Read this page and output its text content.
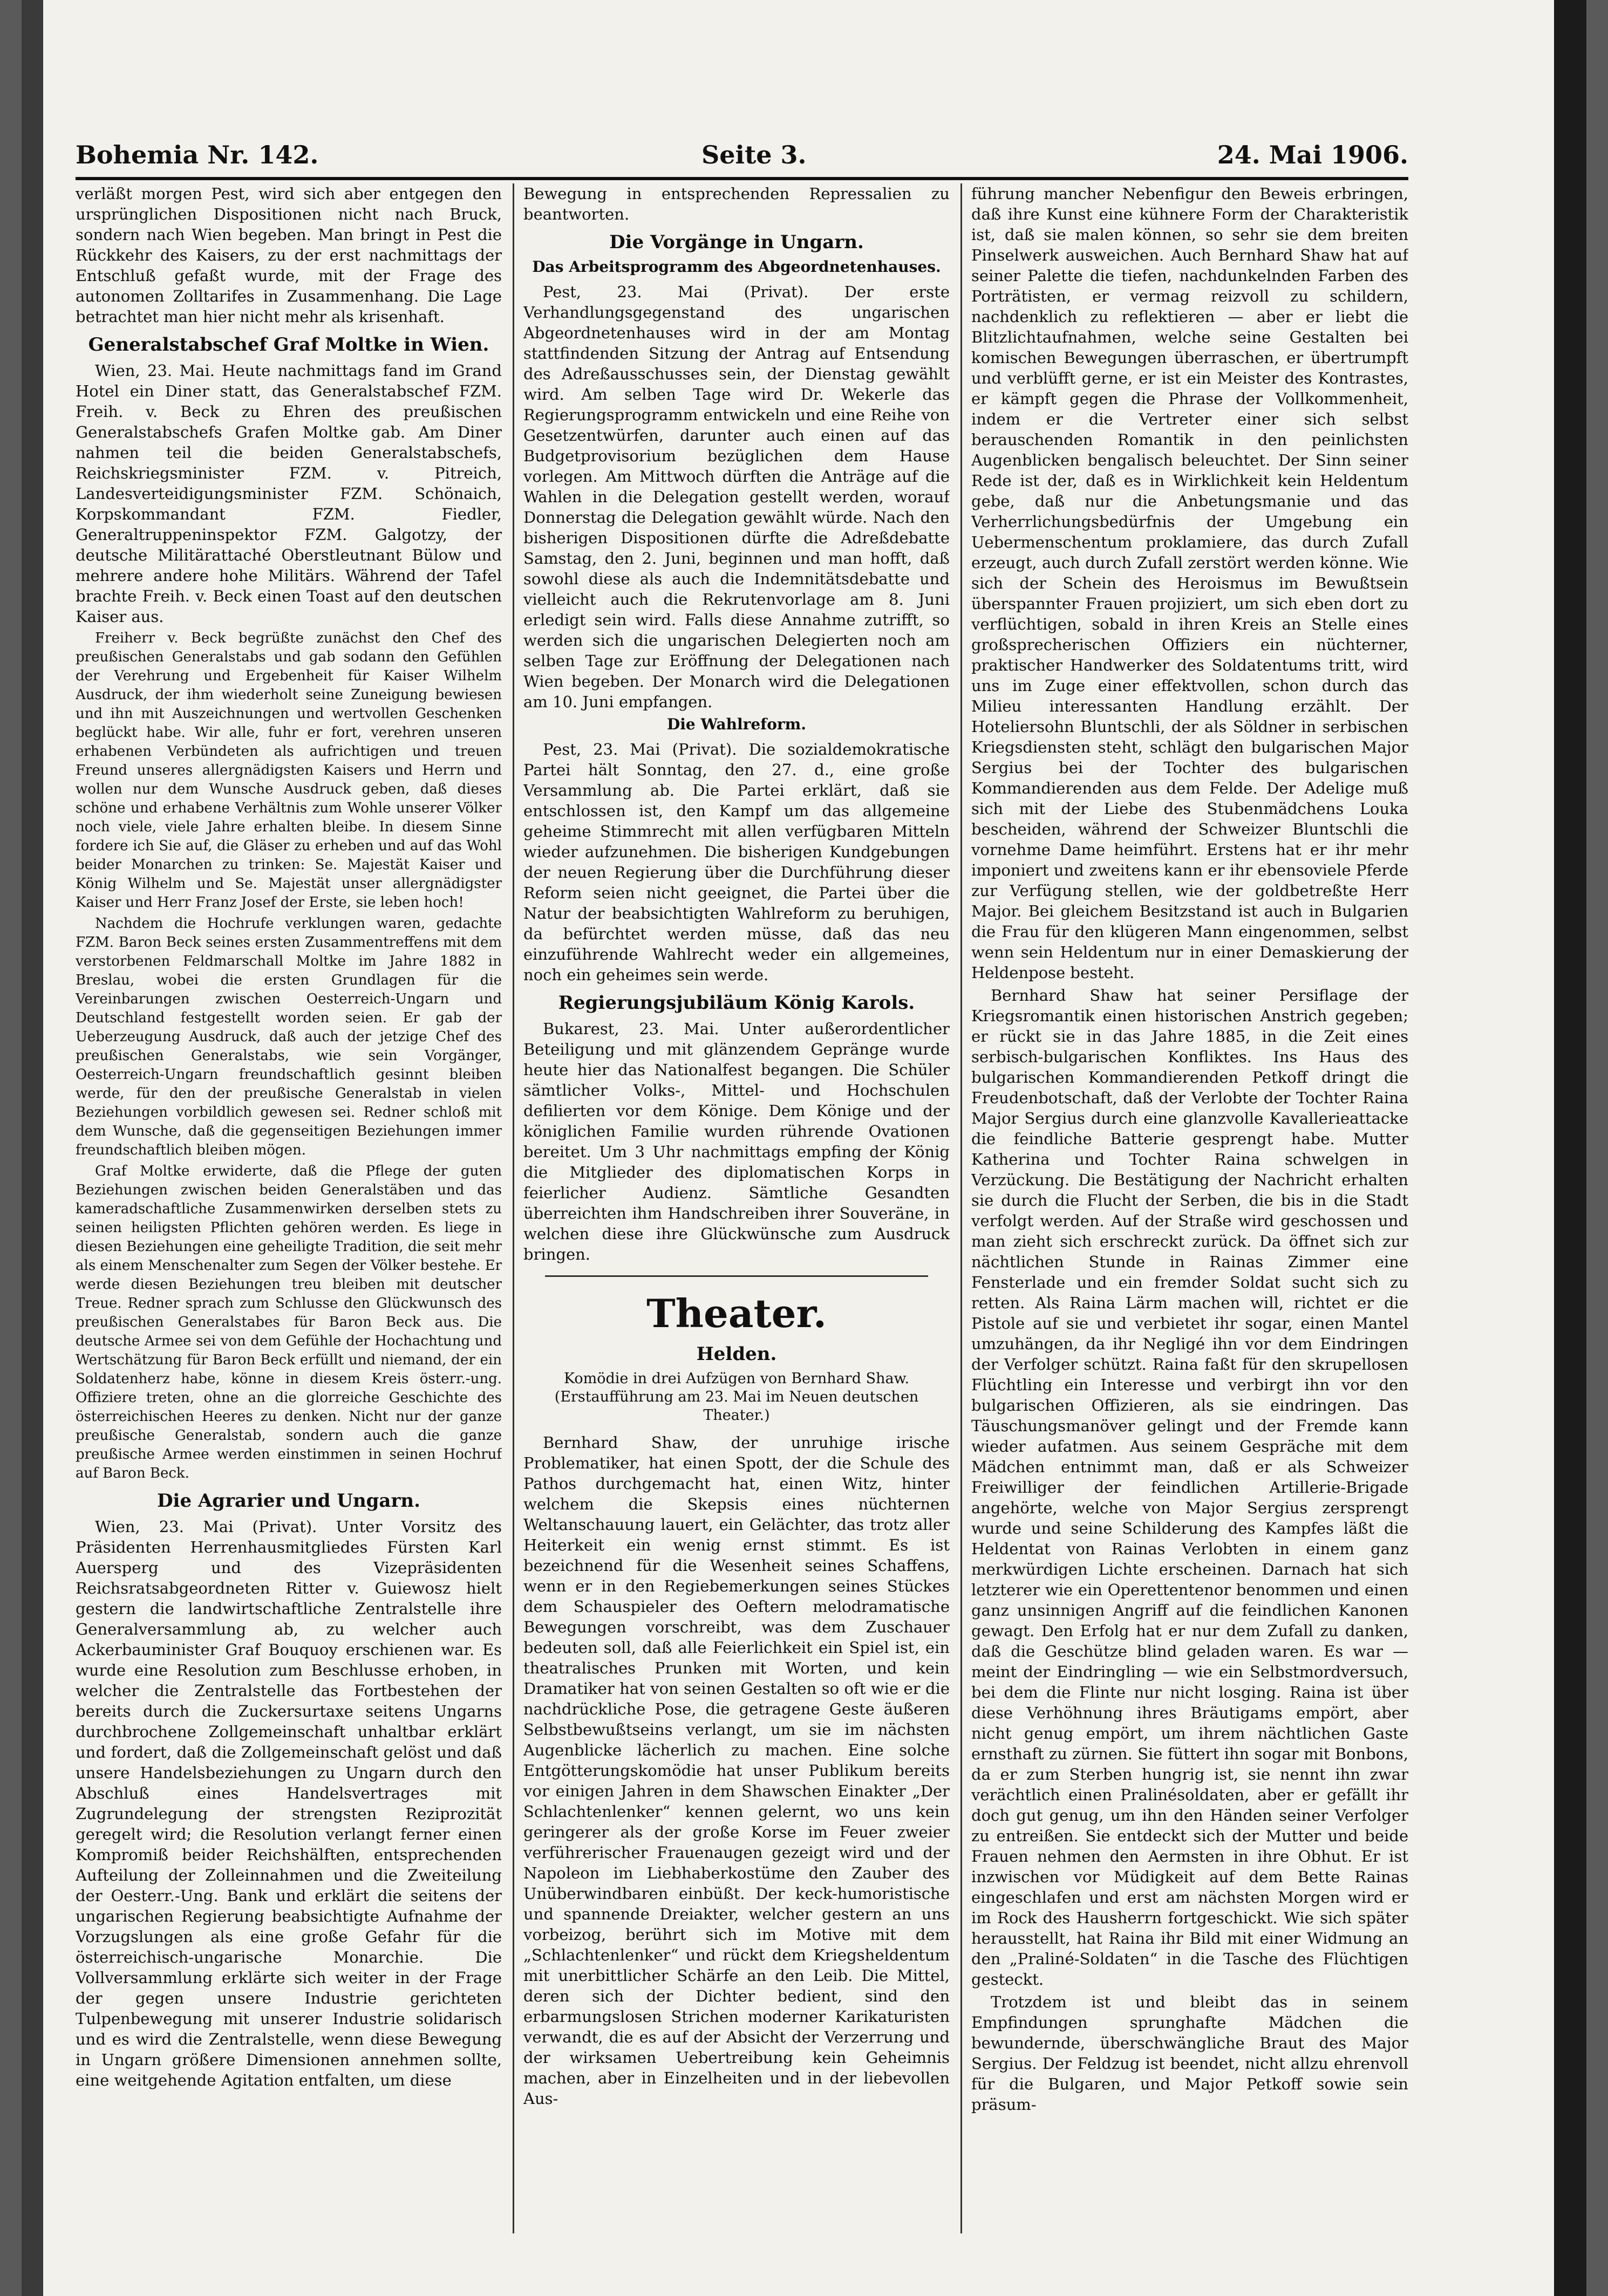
Bohemia Nr. 142.	Seite 3.	24. Mai 1906.

verläßt morgen Pest, wird sich aber entgegen den ursprünglichen Dispositionen nicht nach Bruck, sondern nach Wien begeben. Man bringt in Pest die Rückkehr des Kaisers, zu der erst nachmittags der Entschluß gefaßt wurde, mit der Frage des autonomen Zolltarifes in Zusammenhang. Die Lage betrachtet man hier nicht mehr als krisenhaft.

Generalstabschef Graf Moltke in Wien.

Wien, 23. Mai. Heute nachmittags fand im Grand Hotel ein Diner statt, das Generalstabschef FZM. Freih. v. Beck zu Ehren des preußischen Generalstabschefs Grafen Moltke gab. Am Diner nahmen teil die beiden Generalstabschefs, Reichskriegsminister FZM. v. Pitreich, Landesverteidigungsminister FZM. Schönaich, Korpskommandant FZM. Fiedler, Generaltruppeninspektor FZM. Galgotzy, der deutsche Militärattaché Oberstleutnant Bülow und mehrere andere hohe Militärs. Während der Tafel brachte Freih. v. Beck einen Toast auf den deutschen Kaiser aus.

Freiherr v. Beck begrüßte zunächst den Chef des preußischen Generalstabs und gab sodann den Gefühlen der Verehrung und Ergebenheit für Kaiser Wilhelm Ausdruck, der ihm wiederholt seine Zuneigung bewiesen und ihn mit Auszeichnungen und wertvollen Geschenken beglückt habe. Wir alle, fuhr er fort, verehren unseren erhabenen Verbündeten als aufrichtigen und treuen Freund unseres allergnädigsten Kaisers und Herrn und wollen nur dem Wunsche Ausdruck geben, daß dieses schöne und erhabene Verhältnis zum Wohle unserer Völker noch viele, viele Jahre erhalten bleibe. In diesem Sinne fordere ich Sie auf, die Gläser zu erheben und auf das Wohl beider Monarchen zu trinken: Se. Majestät Kaiser und König Wilhelm und Se. Majestät unser allergnädigster Kaiser und Herr Franz Josef der Erste, sie leben hoch!

Nachdem die Hochrufe verklungen waren, gedachte FZM. Baron Beck seines ersten Zusammentreffens mit dem verstorbenen Feldmarschall Moltke im Jahre 1882 in Breslau, wobei die ersten Grundlagen für die Vereinbarungen zwischen Oesterreich-Ungarn und Deutschland festgestellt worden seien. Er gab der Ueberzeugung Ausdruck, daß auch der jetzige Chef des preußischen Generalstabs, wie sein Vorgänger, Oesterreich-Ungarn freundschaftlich gesinnt bleiben werde, für den der preußische Generalstab in vielen Beziehungen vorbildlich gewesen sei. Redner schloß mit dem Wunsche, daß die gegenseitigen Beziehungen immer freundschaftlich bleiben mögen.

Graf Moltke erwiderte, daß die Pflege der guten Beziehungen zwischen beiden Generalstäben und das kameradschaftliche Zusammenwirken derselben stets zu seinen heiligsten Pflichten gehören werden. Es liege in diesen Beziehungen eine geheiligte Tradition, die seit mehr als einem Menschenalter zum Segen der Völker bestehe. Er werde diesen Beziehungen treu bleiben mit deutscher Treue. Redner sprach zum Schlusse den Glückwunsch des preußischen Generalstabes für Baron Beck aus. Die deutsche Armee sei von dem Gefühle der Hochachtung und Wertschätzung für Baron Beck erfüllt und niemand, der ein Soldatenherz habe, könne in diesem Kreis österr.-ung. Offiziere treten, ohne an die glorreiche Geschichte des österreichischen Heeres zu denken. Nicht nur der ganze preußische Generalstab, sondern auch die ganze preußische Armee werden einstimmen in seinen Hochruf auf Baron Beck.

Die Agrarier und Ungarn.

Wien, 23. Mai (Privat). Unter Vorsitz des Präsidenten Herrenhausmitgliedes Fürsten Karl Auersperg und des Vizepräsidenten Reichsratsabgeordneten Ritter v. Guiewosz hielt gestern die landwirtschaftliche Zentralstelle ihre Generalversammlung ab, zu welcher auch Ackerbauminister Graf Bouquoy erschienen war. Es wurde eine Resolution zum Beschlusse erhoben, in welcher die Zentralstelle das Fortbestehen der bereits durch die Zuckersurtaxe seitens Ungarns durchbrochene Zollgemeinschaft unhaltbar erklärt und fordert, daß die Zollgemeinschaft gelöst und daß unsere Handelsbeziehungen zu Ungarn durch den Abschluß eines Handelsvertrages mit Zugrundelegung der strengsten Reziprozität geregelt wird; die Resolution verlangt ferner einen Kompromiß beider Reichshälften, entsprechenden Aufteilung der Zolleinnahmen und die Zweiteilung der Oesterr.-Ung. Bank und erklärt die seitens der ungarischen Regierung beabsichtigte Aufnahme der Vorzugslungen als eine große Gefahr für die österreichisch-ungarische Monarchie. Die Vollversammlung erklärte sich weiter in der Frage der gegen unsere Industrie gerichteten Tulpenbewegung mit unserer Industrie solidarisch und es wird die Zentralstelle, wenn diese Bewegung in Ungarn größere Dimensionen annehmen sollte, eine weitgehende Agitation entfalten, um diese

Bewegung in entsprechenden Repressalien zu beantworten.

Die Vorgänge in Ungarn.
Das Arbeitsprogramm des Abgeordnetenhauses.

Pest, 23. Mai (Privat). Der erste Verhandlungsgegenstand des ungarischen Abgeordnetenhauses wird in der am Montag stattfindenden Sitzung der Antrag auf Entsendung des Adreßausschusses sein, der Dienstag gewählt wird. Am selben Tage wird Dr. Wekerle das Regierungsprogramm entwickeln und eine Reihe von Gesetzentwürfen, darunter auch einen auf das Budgetprovisorium bezüglichen dem Hause vorlegen. Am Mittwoch dürften die Anträge auf die Wahlen in die Delegation gestellt werden, worauf Donnerstag die Delegation gewählt würde. Nach den bisherigen Dispositionen dürfte die Adreßdebatte Samstag, den 2. Juni, beginnen und man hofft, daß sowohl diese als auch die Indemnitätsdebatte und vielleicht auch die Rekrutenvorlage am 8. Juni erledigt sein wird. Falls diese Annahme zutrifft, so werden sich die ungarischen Delegierten noch am selben Tage zur Eröffnung der Delegationen nach Wien begeben. Der Monarch wird die Delegationen am 10. Juni empfangen.

Die Wahlreform.

Pest, 23. Mai (Privat). Die sozialdemokratische Partei hält Sonntag, den 27. d., eine große Versammlung ab. Die Partei erklärt, daß sie entschlossen ist, den Kampf um das allgemeine geheime Stimmrecht mit allen verfügbaren Mitteln wieder aufzunehmen. Die bisherigen Kundgebungen der neuen Regierung über die Durchführung dieser Reform seien nicht geeignet, die Partei über die Natur der beabsichtigten Wahlreform zu beruhigen, da befürchtet werden müsse, daß das neu einzuführende Wahlrecht weder ein allgemeines, noch ein geheimes sein werde.

Regierungsjubiläum König Karols.

Bukarest, 23. Mai. Unter außerordentlicher Beteiligung und mit glänzendem Gepränge wurde heute hier das Nationalfest begangen. Die Schüler sämtlicher Volks-, Mittel- und Hochschulen defilierten vor dem Könige. Dem Könige und der königlichen Familie wurden rührende Ovationen bereitet. Um 3 Uhr nachmittags empfing der König die Mitglieder des diplomatischen Korps in feierlicher Audienz. Sämtliche Gesandten überreichten ihm Handschreiben ihrer Souveräne, in welchen diese ihre Glückwünsche zum Ausdruck bringen.

Theater.
Helden.
Komödie in drei Aufzügen von Bernhard Shaw. (Erstaufführung am 23. Mai im Neuen deutschen Theater.)

Bernhard Shaw, der unruhige irische Problematiker, hat einen Spott, der die Schule des Pathos durchgemacht hat, einen Witz, hinter welchem die Skepsis eines nüchternen Weltanschauung lauert, ein Gelächter, das trotz aller Heiterkeit ein wenig ernst stimmt. Es ist bezeichnend für die Wesenheit seines Schaffens, wenn er in den Regiebemerkungen seines Stückes dem Schauspieler des Oeftern melodramatische Bewegungen vorschreibt, was dem Zuschauer bedeuten soll, daß alle Feierlichkeit ein Spiel ist, ein theatralisches Prunken mit Worten, und kein Dramatiker hat von seinen Gestalten so oft wie er die nachdrückliche Pose, die getragene Geste äußeren Selbstbewußtseins verlangt, um sie im nächsten Augenblicke lächerlich zu machen. Eine solche Entgötterungskomödie hat unser Publikum bereits vor einigen Jahren in dem Shawschen Einakter „Der Schlachtenlenker“ kennen gelernt, wo uns kein geringerer als der große Korse im Feuer zweier verführerischer Frauenaugen gezeigt wird und der Napoleon im Liebhaberkostüme den Zauber des Unüberwindbaren einbüßt. Der keck-humoristische und spannende Dreiakter, welcher gestern an uns vorbeizog, berührt sich im Motive mit dem „Schlachtenlenker“ und rückt dem Kriegsheldentum mit unerbittlicher Schärfe an den Leib. Die Mittel, deren sich der Dichter bedient, sind den erbarmungslosen Strichen moderner Karikaturisten verwandt, die es auf der Absicht der Verzerrung und der wirksamen Uebertreibung kein Geheimnis machen, aber in Einzelheiten und in der liebevollen Aus-

führung mancher Nebenfigur den Beweis erbringen, daß ihre Kunst eine kühnere Form der Charakteristik ist, daß sie malen können, so sehr sie dem breiten Pinselwerk ausweichen. Auch Bernhard Shaw hat auf seiner Palette die tiefen, nachdunkelnden Farben des Porträtisten, er vermag reizvoll zu schildern, nachdenklich zu reflektieren — aber er liebt die Blitzlichtaufnahmen, welche seine Gestalten bei komischen Bewegungen überraschen, er übertrumpft und verblüfft gerne, er ist ein Meister des Kontrastes, er kämpft gegen die Phrase der Vollkommenheit, indem er die Vertreter einer sich selbst berauschenden Romantik in den peinlichsten Augenblicken bengalisch beleuchtet. Der Sinn seiner Rede ist der, daß es in Wirklichkeit kein Heldentum gebe, daß nur die Anbetungsmanie und das Verherrlichungsbedürfnis der Umgebung ein Uebermenschentum proklamiere, das durch Zufall erzeugt, auch durch Zufall zerstört werden könne. Wie sich der Schein des Heroismus im Bewußtsein überspannter Frauen projiziert, um sich eben dort zu verflüchtigen, sobald in ihren Kreis an Stelle eines großsprecherischen Offiziers ein nüchterner, praktischer Handwerker des Soldatentums tritt, wird uns im Zuge einer effektvollen, schon durch das Milieu interessanten Handlung erzählt. Der Hoteliersohn Bluntschli, der als Söldner in serbischen Kriegsdiensten steht, schlägt den bulgarischen Major Sergius bei der Tochter des bulgarischen Kommandierenden aus dem Felde. Der Adelige muß sich mit der Liebe des Stubenmädchens Louka bescheiden, während der Schweizer Bluntschli die vornehme Dame heimführt. Erstens hat er ihr mehr imponiert und zweitens kann er ihr ebensoviele Pferde zur Verfügung stellen, wie der goldbetreßte Herr Major. Bei gleichem Besitzstand ist auch in Bulgarien die Frau für den klügeren Mann eingenommen, selbst wenn sein Heldentum nur in einer Demaskierung der Heldenpose besteht.

Bernhard Shaw hat seiner Persiflage der Kriegsromantik einen historischen Anstrich gegeben; er rückt sie in das Jahre 1885, in die Zeit eines serbisch-bulgarischen Konfliktes. Ins Haus des bulgarischen Kommandierenden Petkoff dringt die Freudenbotschaft, daß der Verlobte der Tochter Raina Major Sergius durch eine glanzvolle Kavallerieattacke die feindliche Batterie gesprengt habe. Mutter Katherina und Tochter Raina schwelgen in Verzückung. Die Bestätigung der Nachricht erhalten sie durch die Flucht der Serben, die bis in die Stadt verfolgt werden. Auf der Straße wird geschossen und man zieht sich erschreckt zurück. Da öffnet sich zur nächtlichen Stunde in Rainas Zimmer eine Fensterlade und ein fremder Soldat sucht sich zu retten. Als Raina Lärm machen will, richtet er die Pistole auf sie und verbietet ihr sogar, einen Mantel umzuhängen, da ihr Negligé ihn vor dem Eindringen der Verfolger schützt. Raina faßt für den skrupellosen Flüchtling ein Interesse und verbirgt ihn vor den bulgarischen Offizieren, als sie eindringen. Das Täuschungsmanöver gelingt und der Fremde kann wieder aufatmen. Aus seinem Gespräche mit dem Mädchen entnimmt man, daß er als Schweizer Freiwilliger der feindlichen Artillerie-Brigade angehörte, welche von Major Sergius zersprengt wurde und seine Schilderung des Kampfes läßt die Heldentat von Rainas Verlobten in einem ganz merkwürdigen Lichte erscheinen. Darnach hat sich letzterer wie ein Operettentenor benommen und einen ganz unsinnigen Angriff auf die feindlichen Kanonen gewagt. Den Erfolg hat er nur dem Zufall zu danken, daß die Geschütze blind geladen waren. Es war — meint der Eindringling — wie ein Selbstmordversuch, bei dem die Flinte nur nicht losging. Raina ist über diese Verhöhnung ihres Bräutigams empört, aber nicht genug empört, um ihrem nächtlichen Gaste ernsthaft zu zürnen. Sie füttert ihn sogar mit Bonbons, da er zum Sterben hungrig ist, sie nennt ihn zwar verächtlich einen Pralinésoldaten, aber er gefällt ihr doch gut genug, um ihn den Händen seiner Verfolger zu entreißen. Sie entdeckt sich der Mutter und beide Frauen nehmen den Aermsten in ihre Obhut. Er ist inzwischen vor Müdigkeit auf dem Bette Rainas eingeschlafen und erst am nächsten Morgen wird er im Rock des Hausherrn fortgeschickt. Wie sich später herausstellt, hat Raina ihr Bild mit einer Widmung an den „Praliné-Soldaten“ in die Tasche des Flüchtigen gesteckt.

Trotzdem ist und bleibt das in seinem Empfindungen sprunghafte Mädchen die bewundernde, überschwängliche Braut des Major Sergius. Der Feldzug ist beendet, nicht allzu ehrenvoll für die Bulgaren, und Major Petkoff sowie sein präsum-
